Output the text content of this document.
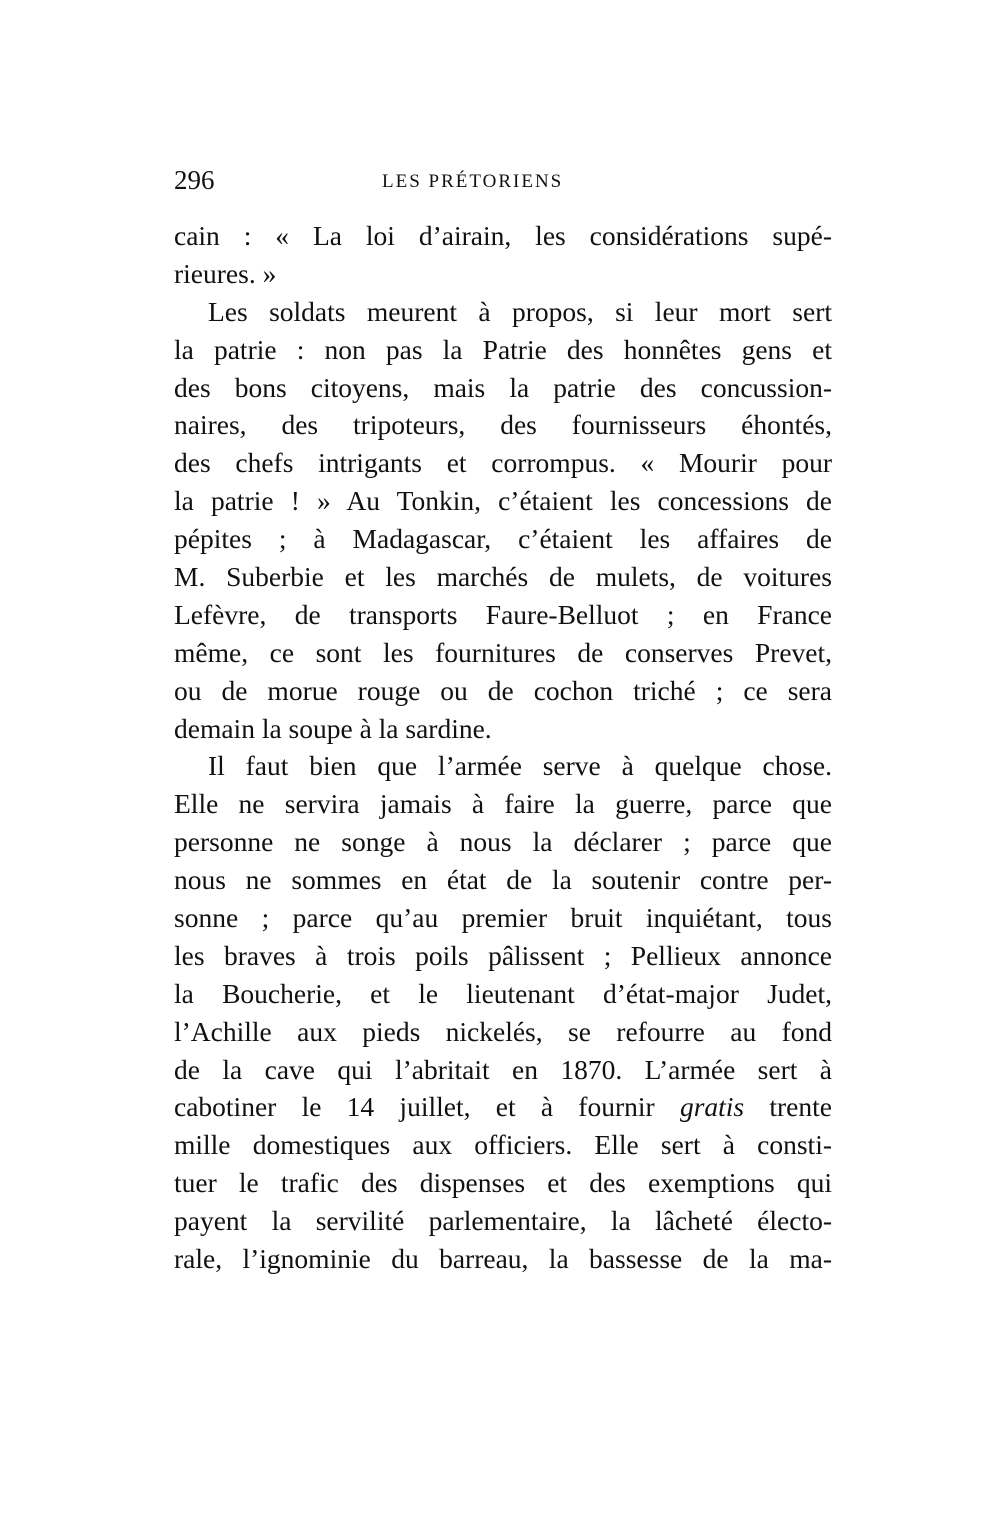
296	LES PRÉTORIENS
cain : « La loi d’airain, les considérations supé-
rieures. »
Les soldats meurent à propos, si leur mort sert
la patrie : non pas la Patrie des honnêtes gens et
des bons citoyens, mais la patrie des concussion-
naires, des tripoteurs, des fournisseurs éhontés,
des chefs intrigants et corrompus. « Mourir pour
la patrie ! » Au Tonkin, c’étaient les concessions de
pépites ; à Madagascar, c’étaient les affaires de
M. Suberbie et les marchés de mulets, de voitures
Lefèvre, de transports Faure-Belluot ; en France
même, ce sont les fournitures de conserves Prevet,
ou de morue rouge ou de cochon triché ; ce sera
demain la soupe à la sardine.
Il faut bien que l’armée serve à quelque chose.
Elle ne servira jamais à faire la guerre, parce que
personne ne songe à nous la déclarer ; parce que
nous ne sommes en état de la soutenir contre per-
sonne ; parce qu’au premier bruit inquiétant, tous
les braves à trois poils pâlissent ; Pellieux annonce
la Boucherie, et le lieutenant d’état-major Judet,
l’Achille aux pieds nickelés, se refourre au fond
de la cave qui l’abritait en 1870. L’armée sert à
cabotiner le 14 juillet, et à fournir gratis trente
mille domestiques aux officiers. Elle sert à consti-
tuer le trafic des dispenses et des exemptions qui
payent la servilité parlementaire, la lâcheté électo-
rale, l’ignominie du barreau, la bassesse de la ma-
